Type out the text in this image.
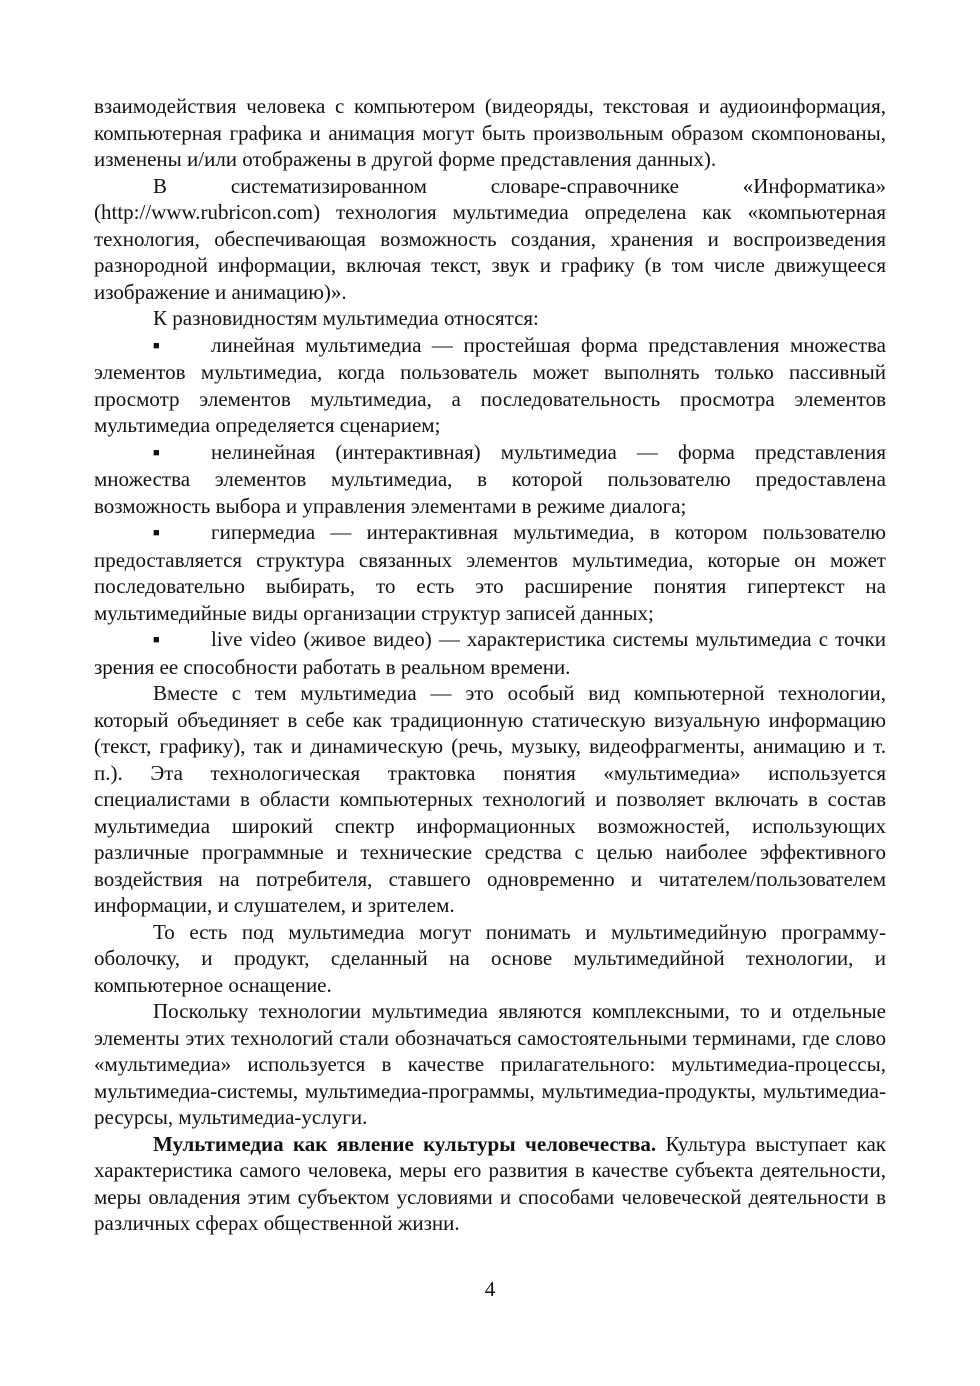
взаимодействия человека с компьютером (видеоряды, текстовая и аудиоинформация, компьютерная графика и анимация могут быть произвольным образом скомпонованы, изменены и/или отображены в другой форме представления данных).

В систематизированном словаре-справочнике «Информатика» (http://www.rubricon.com) технология мультимедиа определена как «компьютерная технология, обеспечивающая возможность создания, хранения и воспроизведения разнородной информации, включая текст, звук и графику (в том числе движущееся изображение и анимацию)».

К разновидностям мультимедиа относятся:

■ линейная мультимедиа — простейшая форма представления множества элементов мультимедиа, когда пользователь может выполнять только пассивный просмотр элементов мультимедиа, а последовательность просмотра элементов мультимедиа определяется сценарием;
■ нелинейная (интерактивная) мультимедиа — форма представления множества элементов мультимедиа, в которой пользователю предоставлена возможность выбора и управления элементами в режиме диалога;
■ гипермедиа — интерактивная мультимедиа, в котором пользователю предоставляется структура связанных элементов мультимедиа, которые он может последовательно выбирать, то есть это расширение понятия гипертекст на мультимедийные виды организации структур записей данных;
■ live video (живое видео) — характеристика системы мультимедиа с точки зрения ее способности работать в реальном времени.

Вместе с тем мультимедиа — это особый вид компьютерной технологии, который объединяет в себе как традиционную статическую визуальную информацию (текст, графику), так и динамическую (речь, музыку, видеофрагменты, анимацию и т. п.). Эта технологическая трактовка понятия «мультимедиа» используется специалистами в области компьютерных технологий и позволяет включать в состав мультимедиа широкий спектр информационных возможностей, использующих различные программные и технические средства с целью наиболее эффективного воздействия на потребителя, ставшего одновременно и читателем/пользователем информации, и слушателем, и зрителем.

То есть под мультимедиа могут понимать и мультимедийную программу-оболочку, и продукт, сделанный на основе мультимедийной технологии, и компьютерное оснащение.

Поскольку технологии мультимедиа являются комплексными, то и отдельные элементы этих технологий стали обозначаться самостоятельными терминами, где слово «мультимедиа» используется в качестве прилагательного: мультимедиа-процессы, мультимедиа-системы, мультимедиа-программы, мультимедиа-продукты, мультимедиа-ресурсы, мультимедиа-услуги.

Мультимедиа как явление культуры человечества. Культура выступает как характеристика самого человека, меры его развития в качестве субъекта деятельности, меры овладения этим субъектом условиями и способами человеческой деятельности в различных сферах общественной жизни.

4
